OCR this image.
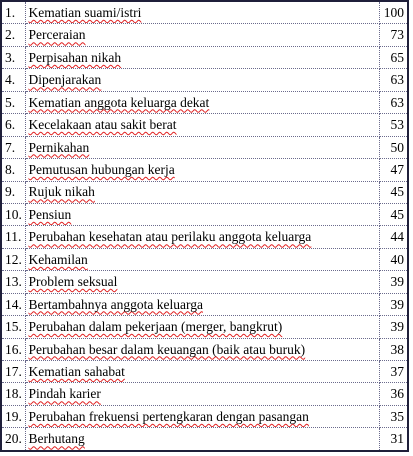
1.	Kematian suami/istri	100
2.	Perceraian	73
3.	Perpisahan nikah	65
4.	Dipenjarakan	63
5.	Kematian anggota keluarga dekat	63
6.	Kecelakaan atau sakit berat	53
7.	Pernikahan	50
8.	Pemutusan hubungan kerja	47
9.	Rujuk nikah	45
10.	Pensiun	45
11.	Perubahan kesehatan atau perilaku anggota keluarga	44
12.	Kehamilan	40
13.	Problem seksual	39
14.	Bertambahnya anggota keluarga	39
15.	Perubahan dalam pekerjaan (merger, bangkrut)	39
16.	Perubahan besar dalam keuangan (baik atau buruk)	38
17.	Kematian sahabat	37
18.	Pindah karier	36
19.	Perubahan frekuensi pertengkaran dengan pasangan	35
20.	Berhutang	31
